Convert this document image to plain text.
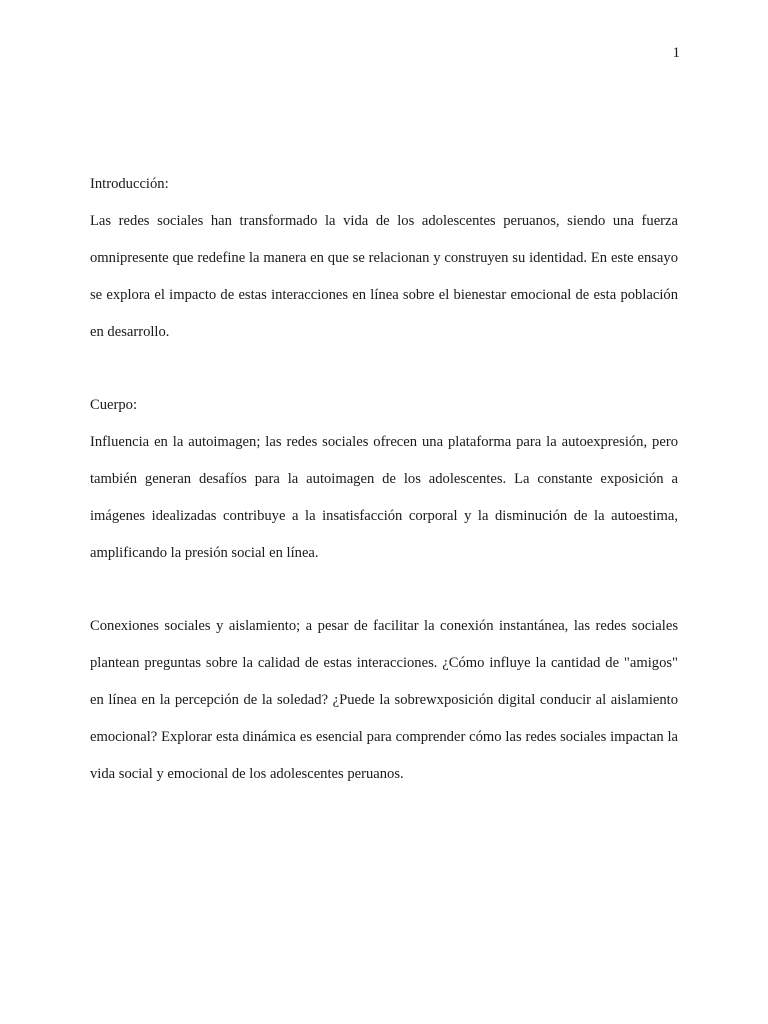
1

Introducción:

Las redes sociales han transformado la vida de los adolescentes peruanos, siendo una fuerza omnipresente que redefine la manera en que se relacionan y construyen su identidad. En este ensayo se explora el impacto de estas interacciones en línea sobre el bienestar emocional de esta población en desarrollo.

Cuerpo:

Influencia en la autoimagen; las redes sociales ofrecen una plataforma para la autoexpresión, pero también generan desafíos para la autoimagen de los adolescentes. La constante exposición a imágenes idealizadas contribuye a la insatisfacción corporal y la disminución de la autoestima, amplificando la presión social en línea.

Conexiones sociales y aislamiento; a pesar de facilitar la conexión instantánea, las redes sociales plantean preguntas sobre la calidad de estas interacciones. ¿Cómo influye la cantidad de "amigos" en línea en la percepción de la soledad? ¿Puede la sobrewxposición digital conducir al aislamiento emocional? Explorar esta dinámica es esencial para comprender cómo las redes sociales impactan la vida social y emocional de los adolescentes peruanos.
